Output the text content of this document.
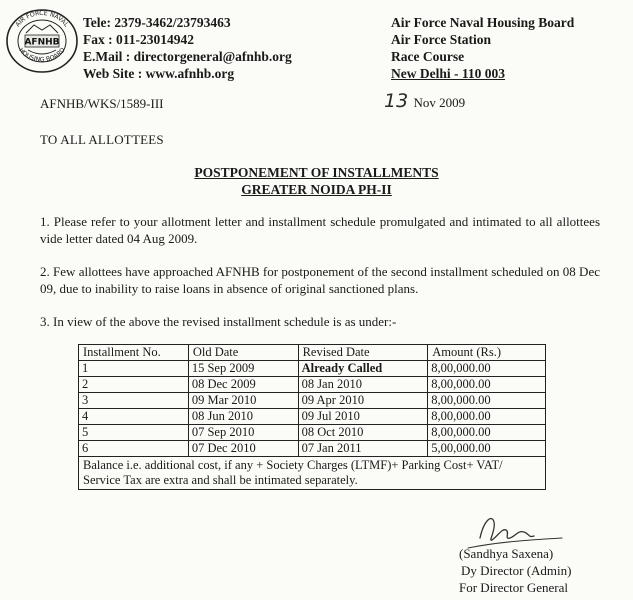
AIR FORCE NAVAL
HOUSING BOARD
AFNHB
Tele: 2379-3462/23793463
Fax : 011-23014942
E.Mail : directorgeneral@afnhb.org
Web Site : www.afnhb.org
Air Force Naval Housing Board
Air Force Station
Race Course
New Delhi - 110 003
AFNHB/WKS/1589-III	13 Nov 2009
TO ALL ALLOTTEES
POSTPONEMENT OF INSTALLMENTS
GREATER NOIDA PH-II
1. Please refer to your allotment letter and installment schedule promulgated and intimated to all allottees vide letter dated 04 Aug 2009.
2. Few allottees have approached AFNHB for postponement of the second installment scheduled on 08 Dec 09, due to inability to raise loans in absence of original sanctioned plans.
3. In view of the above the revised installment schedule is as under:-
Installment No.	Old Date	Revised Date	Amount (Rs.)
1	15 Sep 2009	Already Called	8,00,000.00
2	08 Dec 2009	08 Jan 2010	8,00,000.00
3	09 Mar 2010	09 Apr 2010	8,00,000.00
4	08 Jun 2010	09 Jul 2010	8,00,000.00
5	07 Sep 2010	08 Oct 2010	8,00,000.00
6	07 Dec 2010	07 Jan 2011	5,00,000.00
Balance i.e. additional cost, if any + Society Charges (LTMF)+ Parking Cost+ VAT/ Service Tax are extra and shall be intimated separately.			
(Sandhya Saxena)
Dy Director (Admin)
For Director General
